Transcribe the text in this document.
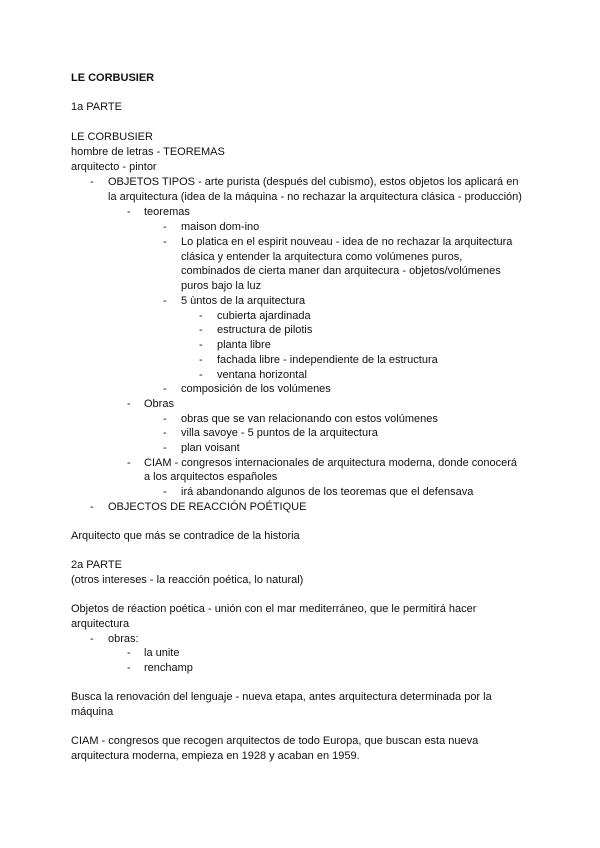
LE CORBUSIER
1a PARTE
LE CORBUSIER
hombre de letras - TEOREMAS
arquitecto - pintor
- OBJETOS TIPOS - arte purista (después del cubismo), estos objetos los aplicará en
la arquitectura (idea de la máquina - no rechazar la arquitectura clásica - producción)
- teoremas
- maison dom-ino
- Lo platica en el espirit nouveau - idea de no rechazar la arquitectura
clásica y entender la arquitectura como volúmenes puros,
combinados de cierta maner dan arquitecura - objetos/volúmenes
puros bajo la luz
- 5 ùntos de la arquitectura
- cubierta ajardinada
- estructura de pilotis
- planta libre
- fachada libre - independiente de la estructura
- ventana horizontal
- composición de los volúmenes
- Obras
- obras que se van relacionando con estos volúmenes
- villa savoye - 5 puntos de la arquitectura
- plan voisant
- CIAM - congresos internacionales de arquitectura moderna, donde conocerá
a los arquitectos españoles
- irá abandonando algunos de los teoremas que el defensava
- OBJECTOS DE REACCIÓN POÉTIQUE
Arquitecto que más se contradice de la historia
2a PARTE
(otros intereses - la reacción poética, lo natural)
Objetos de réaction poética - unión con el mar mediterráneo, que le permitirá hacer
arquitectura
- obras:
- la unite
- renchamp
Busca la renovación del lenguaje - nueva etapa, antes arquitectura determinada por la
máquina
CIAM - congresos que recogen arquitectos de todo Europa, que buscan esta nueva
arquitectura moderna, empieza en 1928 y acaban en 1959.
